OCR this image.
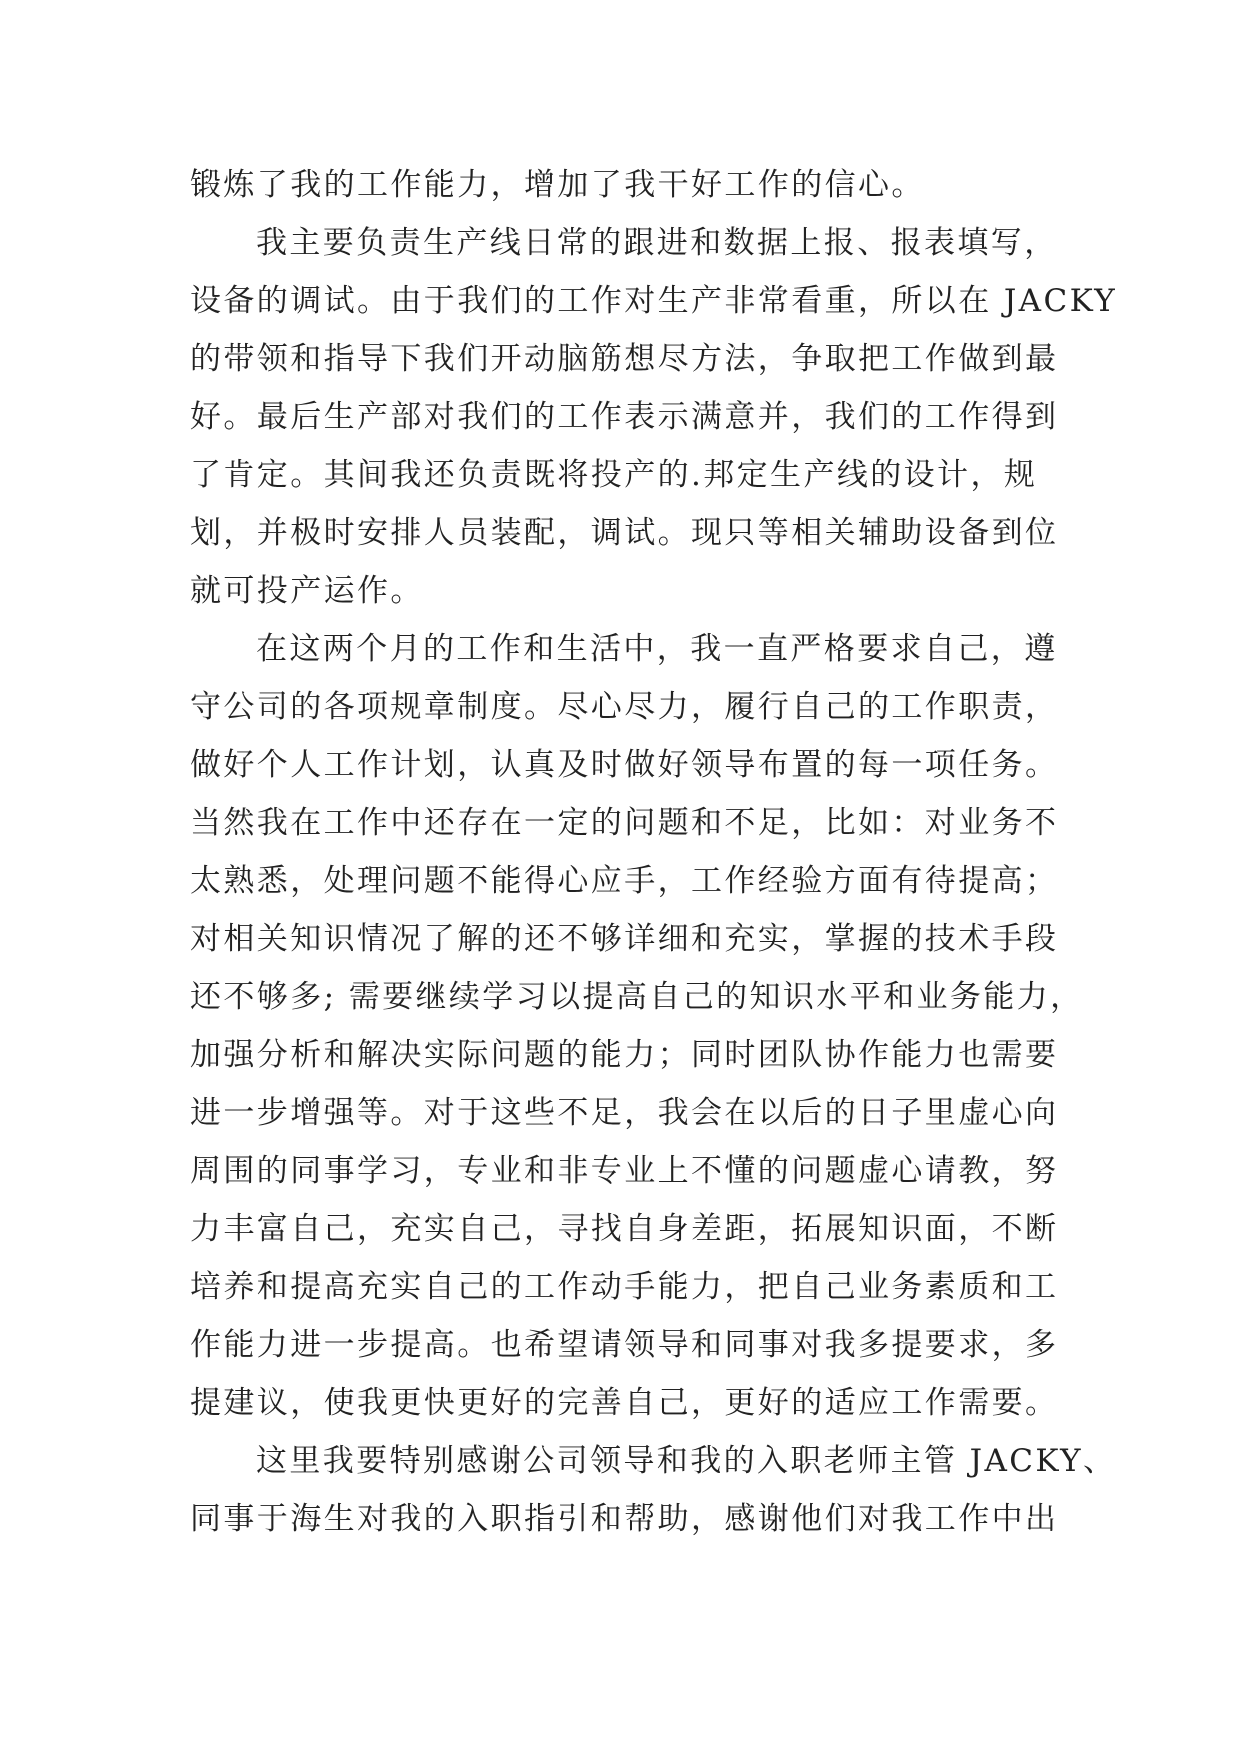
锻炼了我的工作能力，增加了我干好工作的信心。
我主要负责生产线日常的跟进和数据上报、报表填写，
设备的调试。由于我们的工作对生产非常看重，所以在 JACKY
的带领和指导下我们开动脑筋想尽方法，争取把工作做到最
好。最后生产部对我们的工作表示满意并，我们的工作得到
了肯定。其间我还负责既将投产的.邦定生产线的设计，规
划，并极时安排人员装配，调试。现只等相关辅助设备到位
就可投产运作。
在这两个月的工作和生活中，我一直严格要求自己，遵
守公司的各项规章制度。尽心尽力，履行自己的工作职责，
做好个人工作计划，认真及时做好领导布置的每一项任务。
当然我在工作中还存在一定的问题和不足，比如：对业务不
太熟悉，处理问题不能得心应手，工作经验方面有待提高；
对相关知识情况了解的还不够详细和充实，掌握的技术手段
还不够多; 需要继续学习以提高自己的知识水平和业务能力，
加强分析和解决实际问题的能力；同时团队协作能力也需要
进一步增强等。对于这些不足，我会在以后的日子里虚心向
周围的同事学习，专业和非专业上不懂的问题虚心请教，努
力丰富自己，充实自己，寻找自身差距，拓展知识面，不断
培养和提高充实自己的工作动手能力，把自己业务素质和工
作能力进一步提高。也希望请领导和同事对我多提要求，多
提建议，使我更快更好的完善自己，更好的适应工作需要。
这里我要特别感谢公司领导和我的入职老师主管 JACKY、
同事于海生对我的入职指引和帮助，感谢他们对我工作中出
